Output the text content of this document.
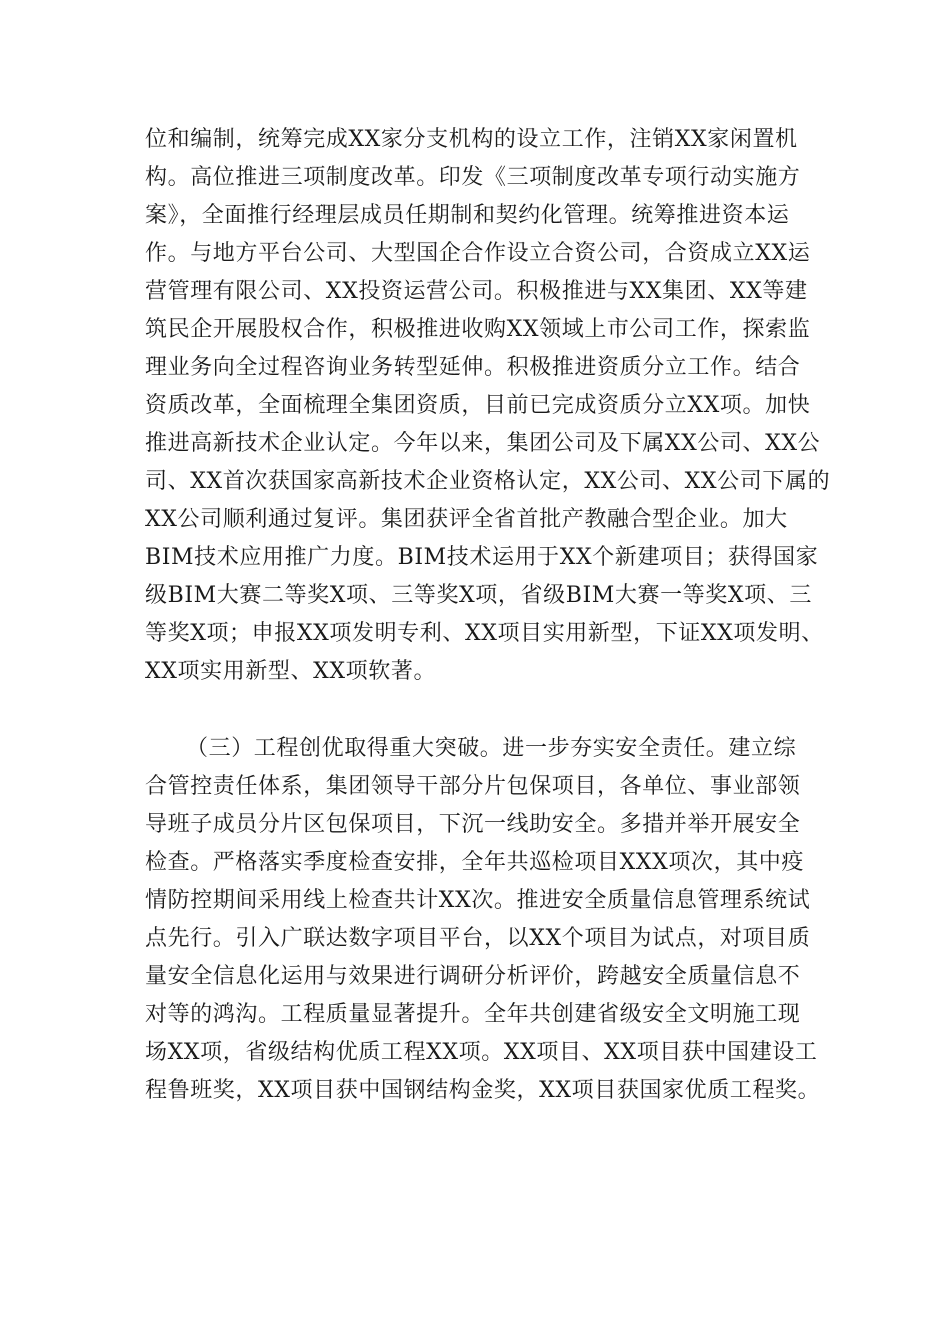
位和编制，统筹完成XX家分支机构的设立工作，注销XX家闲置机
构。高位推进三项制度改革。印发《三项制度改革专项行动实施方
案》，全面推行经理层成员任期制和契约化管理。统筹推进资本运
作。与地方平台公司、大型国企合作设立合资公司，合资成立XX运
营管理有限公司、XX投资运营公司。积极推进与XX集团、XX等建
筑民企开展股权合作，积极推进收购XX领域上市公司工作，探索监
理业务向全过程咨询业务转型延伸。积极推进资质分立工作。结合
资质改革，全面梳理全集团资质，目前已完成资质分立XX项。加快
推进高新技术企业认定。今年以来，集团公司及下属XX公司、XX公
司、XX首次获国家高新技术企业资格认定，XX公司、XX公司下属的
XX公司顺利通过复评。集团获评全省首批产教融合型企业。加大
BIM技术应用推广力度。BIM技术运用于XX个新建项目；获得国家
级BIM大赛二等奖X项、三等奖X项，省级BIM大赛一等奖X项、三
等奖X项；申报XX项发明专利、XX项目实用新型，下证XX项发明、
XX项实用新型、XX项软著。
（三）工程创优取得重大突破。进一步夯实安全责任。建立综
合管控责任体系，集团领导干部分片包保项目，各单位、事业部领
导班子成员分片区包保项目，下沉一线助安全。多措并举开展安全
检查。严格落实季度检查安排，全年共巡检项目XXX项次，其中疫
情防控期间采用线上检查共计XX次。推进安全质量信息管理系统试
点先行。引入广联达数字项目平台，以XX个项目为试点，对项目质
量安全信息化运用与效果进行调研分析评价，跨越安全质量信息不
对等的鸿沟。工程质量显著提升。全年共创建省级安全文明施工现
场XX项，省级结构优质工程XX项。XX项目、XX项目获中国建设工
程鲁班奖，XX项目获中国钢结构金奖，XX项目获国家优质工程奖。
